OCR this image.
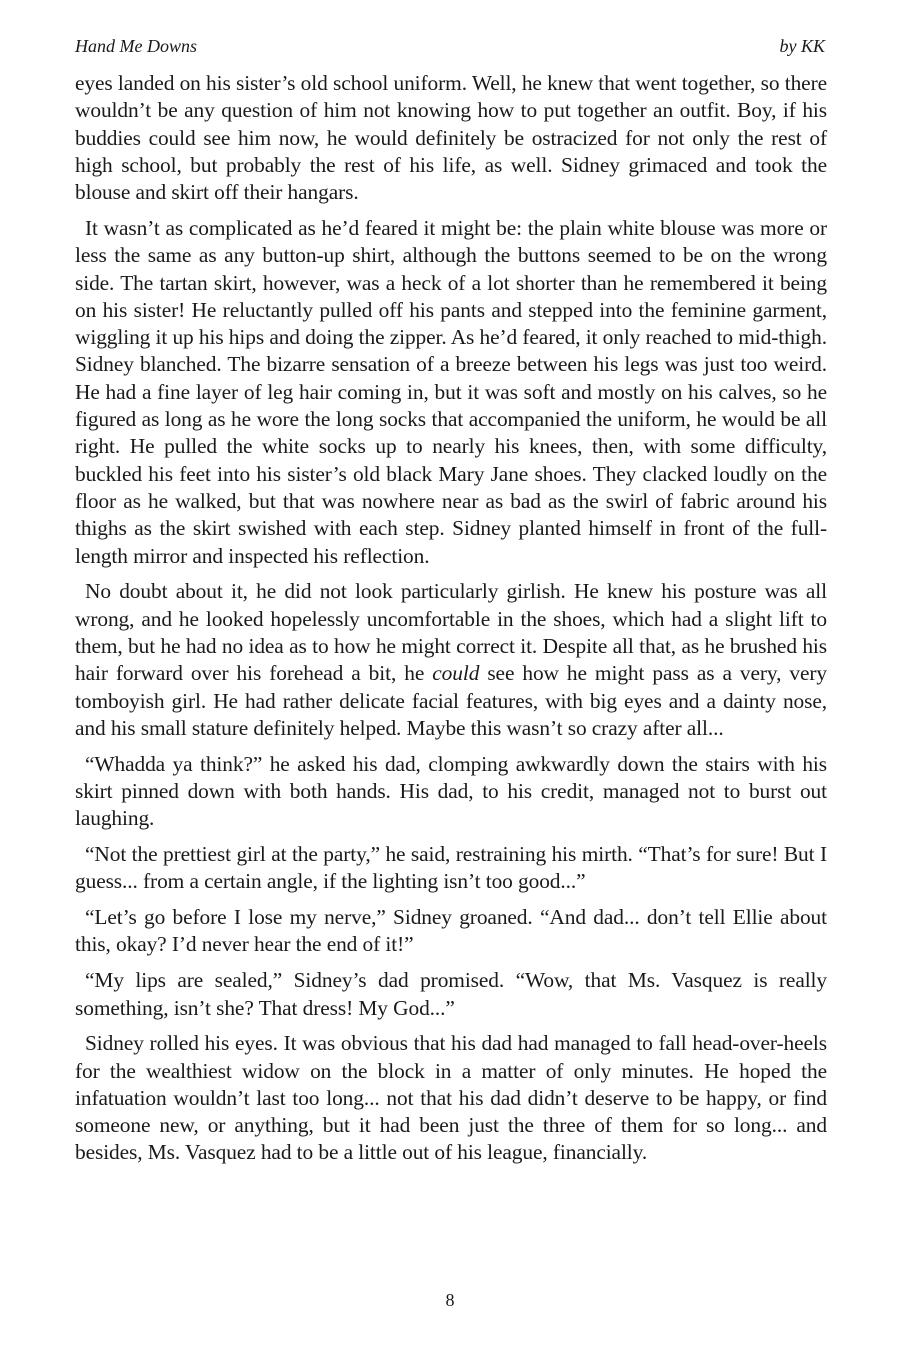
Hand Me Downs	by KK

eyes landed on his sister’s old school uniform. Well, he knew that went together, so there wouldn’t be any question of him not knowing how to put together an outfit. Boy, if his buddies could see him now, he would definitely be ostracized for not only the rest of high school, but probably the rest of his life, as well. Sidney grimaced and took the blouse and skirt off their hangars.

It wasn’t as complicated as he’d feared it might be: the plain white blouse was more or less the same as any button-up shirt, although the buttons seemed to be on the wrong side. The tartan skirt, however, was a heck of a lot shorter than he remembered it being on his sister! He reluctantly pulled off his pants and stepped into the feminine garment, wiggling it up his hips and doing the zipper. As he’d feared, it only reached to mid-thigh. Sidney blanched. The bizarre sensation of a breeze between his legs was just too weird. He had a fine layer of leg hair coming in, but it was soft and mostly on his calves, so he figured as long as he wore the long socks that accompanied the uniform, he would be all right. He pulled the white socks up to nearly his knees, then, with some difficulty, buckled his feet into his sister’s old black Mary Jane shoes. They clacked loudly on the floor as he walked, but that was nowhere near as bad as the swirl of fabric around his thighs as the skirt swished with each step. Sidney planted himself in front of the full-length mirror and inspected his reflection.

No doubt about it, he did not look particularly girlish. He knew his posture was all wrong, and he looked hopelessly uncomfortable in the shoes, which had a slight lift to them, but he had no idea as to how he might correct it. Despite all that, as he brushed his hair forward over his forehead a bit, he could see how he might pass as a very, very tomboyish girl. He had rather delicate facial features, with big eyes and a dainty nose, and his small stature definitely helped. Maybe this wasn’t so crazy after all...

“Whadda ya think?” he asked his dad, clomping awkwardly down the stairs with his skirt pinned down with both hands. His dad, to his credit, managed not to burst out laughing.

“Not the prettiest girl at the party,” he said, restraining his mirth. “That’s for sure! But I guess... from a certain angle, if the lighting isn’t too good...”

“Let’s go before I lose my nerve,” Sidney groaned. “And dad... don’t tell Ellie about this, okay? I’d never hear the end of it!”

“My lips are sealed,” Sidney’s dad promised. “Wow, that Ms. Vasquez is really something, isn’t she? That dress! My God...”

Sidney rolled his eyes. It was obvious that his dad had managed to fall head-over-heels for the wealthiest widow on the block in a matter of only minutes. He hoped the infatuation wouldn’t last too long... not that his dad didn’t deserve to be happy, or find someone new, or anything, but it had been just the three of them for so long... and besides, Ms. Vasquez had to be a little out of his league, financially.

8
